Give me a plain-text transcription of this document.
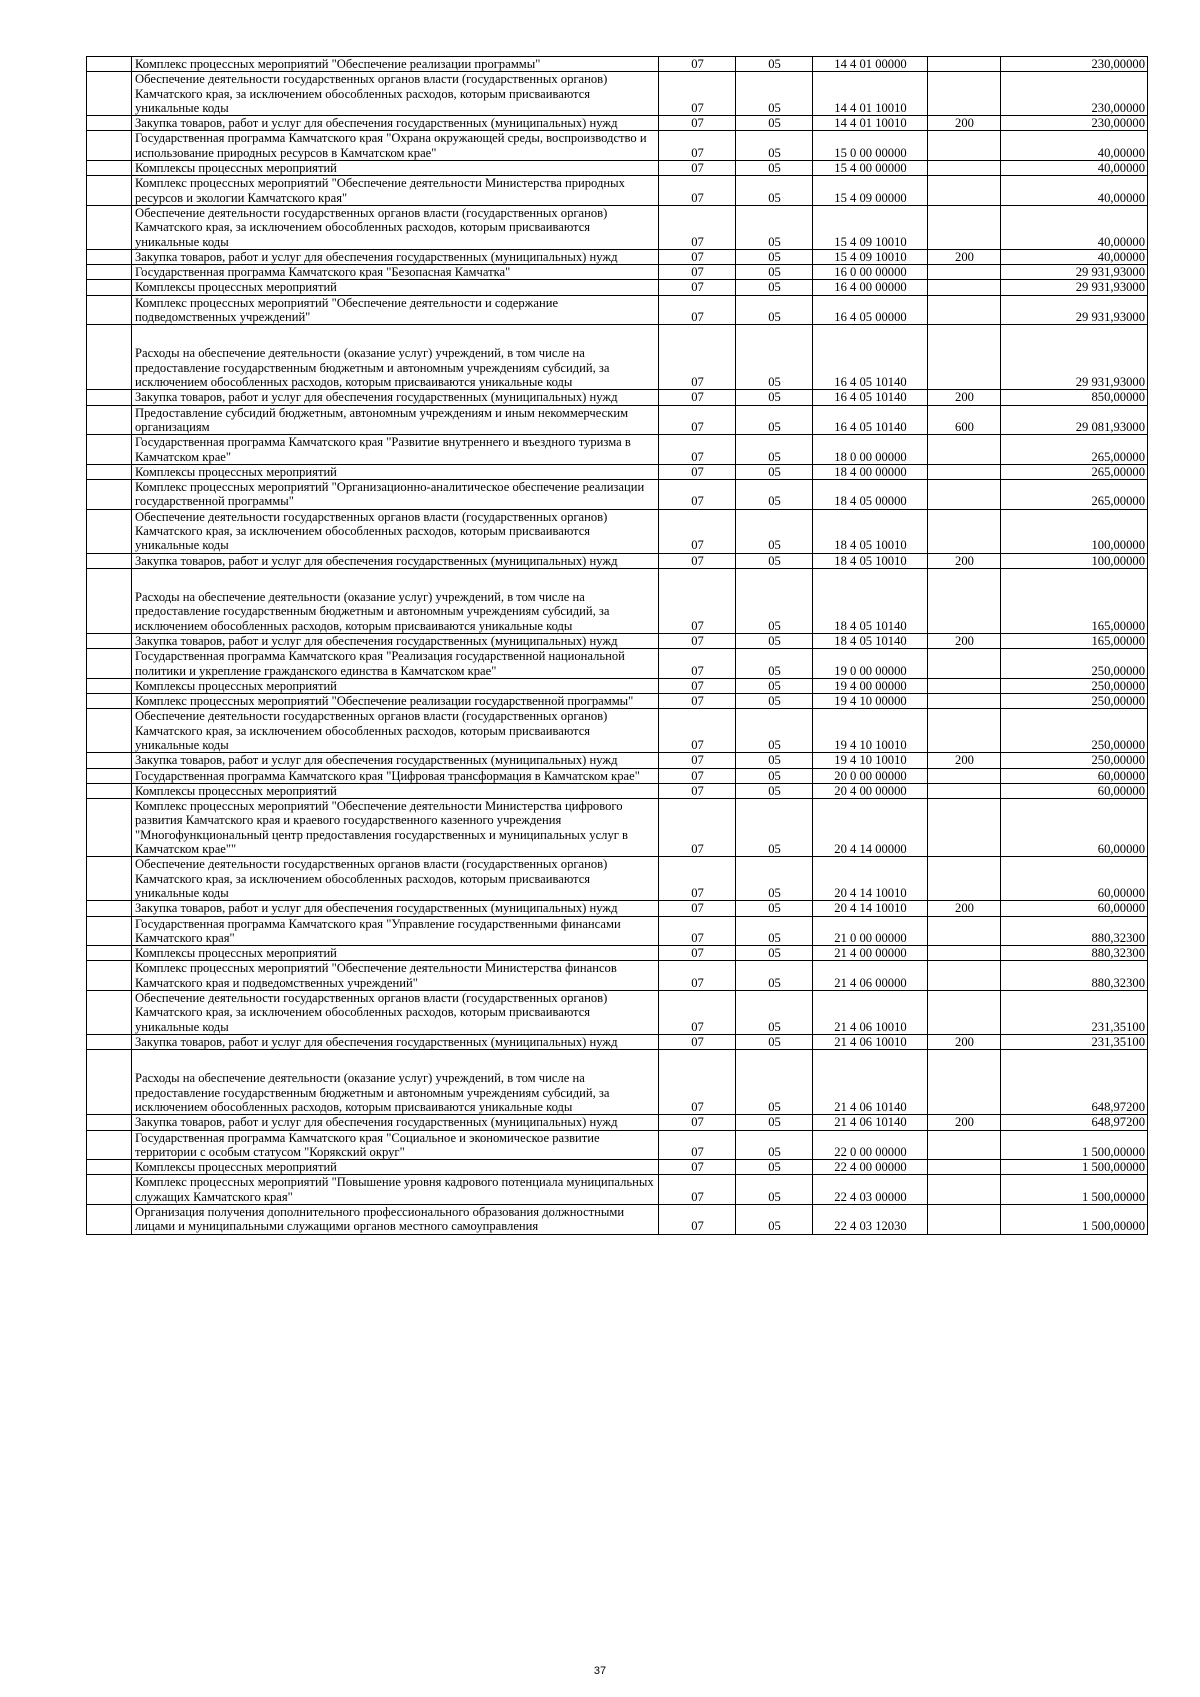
	Комплекс процессных мероприятий "Обеспечение реализации программы"	07	05	14 4 01 00000		230,00000
	Обеспечение деятельности государственных органов власти (государственных органов) Камчатского края, за исключением обособленных расходов, которым присваиваются уникальные коды	07	05	14 4 01 10010		230,00000
	Закупка товаров, работ и услуг для обеспечения государственных (муниципальных) нужд	07	05	14 4 01 10010	200	230,00000
	Государственная программа Камчатского края "Охрана окружающей среды, воспроизводство и использование природных ресурсов в Камчатском крае"	07	05	15 0 00 00000		40,00000
	Комплексы процессных мероприятий	07	05	15 4 00 00000		40,00000
	Комплекс процессных мероприятий "Обеспечение деятельности Министерства природных ресурсов и экологии Камчатского края"	07	05	15 4 09 00000		40,00000
	Обеспечение деятельности государственных органов власти (государственных органов) Камчатского края, за исключением обособленных расходов, которым присваиваются уникальные коды	07	05	15 4 09 10010		40,00000
	Закупка товаров, работ и услуг для обеспечения государственных (муниципальных) нужд	07	05	15 4 09 10010	200	40,00000
	Государственная программа Камчатского края "Безопасная Камчатка"	07	05	16 0 00 00000		29 931,93000
	Комплексы процессных мероприятий	07	05	16 4 00 00000		29 931,93000
	Комплекс процессных мероприятий "Обеспечение деятельности и содержание подведомственных учреждений"	07	05	16 4 05 00000		29 931,93000
	Расходы на обеспечение деятельности (оказание услуг) учреждений, в том числе на предоставление государственным бюджетным и автономным учреждениям субсидий, за исключением обособленных расходов, которым присваиваются уникальные коды	07	05	16 4 05 10140		29 931,93000
	Закупка товаров, работ и услуг для обеспечения государственных (муниципальных) нужд	07	05	16 4 05 10140	200	850,00000
	Предоставление субсидий бюджетным, автономным учреждениям и иным некоммерческим организациям	07	05	16 4 05 10140	600	29 081,93000
	Государственная программа Камчатского края "Развитие внутреннего и въездного туризма в Камчатском крае"	07	05	18 0 00 00000		265,00000
	Комплексы процессных мероприятий	07	05	18 4 00 00000		265,00000
	Комплекс процессных мероприятий "Организационно-аналитическое обеспечение реализации государственной программы"	07	05	18 4 05 00000		265,00000
	Обеспечение деятельности государственных органов власти (государственных органов) Камчатского края, за исключением обособленных расходов, которым присваиваются уникальные коды	07	05	18 4 05 10010		100,00000
	Закупка товаров, работ и услуг для обеспечения государственных (муниципальных) нужд	07	05	18 4 05 10010	200	100,00000
	Расходы на обеспечение деятельности (оказание услуг) учреждений, в том числе на предоставление государственным бюджетным и автономным учреждениям субсидий, за исключением обособленных расходов, которым присваиваются уникальные коды	07	05	18 4 05 10140		165,00000
	Закупка товаров, работ и услуг для обеспечения государственных (муниципальных) нужд	07	05	18 4 05 10140	200	165,00000
	Государственная программа Камчатского края "Реализация государственной национальной политики и укрепление гражданского единства в Камчатском крае"	07	05	19 0 00 00000		250,00000
	Комплексы процессных мероприятий	07	05	19 4 00 00000		250,00000
	Комплекс процессных мероприятий "Обеспечение реализации государственной программы"	07	05	19 4 10 00000		250,00000
	Обеспечение деятельности государственных органов власти (государственных органов) Камчатского края, за исключением обособленных расходов, которым присваиваются уникальные коды	07	05	19 4 10 10010		250,00000
	Закупка товаров, работ и услуг для обеспечения государственных (муниципальных) нужд	07	05	19 4 10 10010	200	250,00000
	Государственная программа Камчатского края "Цифровая трансформация в Камчатском крае"	07	05	20 0 00 00000		60,00000
	Комплексы процессных мероприятий	07	05	20 4 00 00000		60,00000
	Комплекс процессных мероприятий "Обеспечение деятельности Министерства цифрового развития Камчатского края и краевого государственного казенного учреждения "Многофункциональный центр предоставления государственных и муниципальных услуг в Камчатском крае""	07	05	20 4 14 00000		60,00000
	Обеспечение деятельности государственных органов власти (государственных органов) Камчатского края, за исключением обособленных расходов, которым присваиваются уникальные коды	07	05	20 4 14 10010		60,00000
	Закупка товаров, работ и услуг для обеспечения государственных (муниципальных) нужд	07	05	20 4 14 10010	200	60,00000
	Государственная программа Камчатского края "Управление государственными финансами Камчатского края"	07	05	21 0 00 00000		880,32300
	Комплексы процессных мероприятий	07	05	21 4 00 00000		880,32300
	Комплекс процессных мероприятий "Обеспечение деятельности Министерства финансов Камчатского края и подведомственных учреждений"	07	05	21 4 06 00000		880,32300
	Обеспечение деятельности государственных органов власти (государственных органов) Камчатского края, за исключением обособленных расходов, которым присваиваются уникальные коды	07	05	21 4 06 10010		231,35100
	Закупка товаров, работ и услуг для обеспечения государственных (муниципальных) нужд	07	05	21 4 06 10010	200	231,35100
	Расходы на обеспечение деятельности (оказание услуг) учреждений, в том числе на предоставление государственным бюджетным и автономным учреждениям субсидий, за исключением обособленных расходов, которым присваиваются уникальные коды	07	05	21 4 06 10140		648,97200
	Закупка товаров, работ и услуг для обеспечения государственных (муниципальных) нужд	07	05	21 4 06 10140	200	648,97200
	Государственная программа Камчатского края "Социальное и экономическое развитие территории с особым статусом "Корякский округ"	07	05	22 0 00 00000		1 500,00000
	Комплексы процессных мероприятий	07	05	22 4 00 00000		1 500,00000
	Комплекс процессных мероприятий "Повышение уровня кадрового потенциала муниципальных служащих Камчатского края"	07	05	22 4 03 00000		1 500,00000
	Организация получения дополнительного профессионального образования должностными лицами и муниципальными служащими органов местного самоуправления	07	05	22 4 03 12030		1 500,00000
37
